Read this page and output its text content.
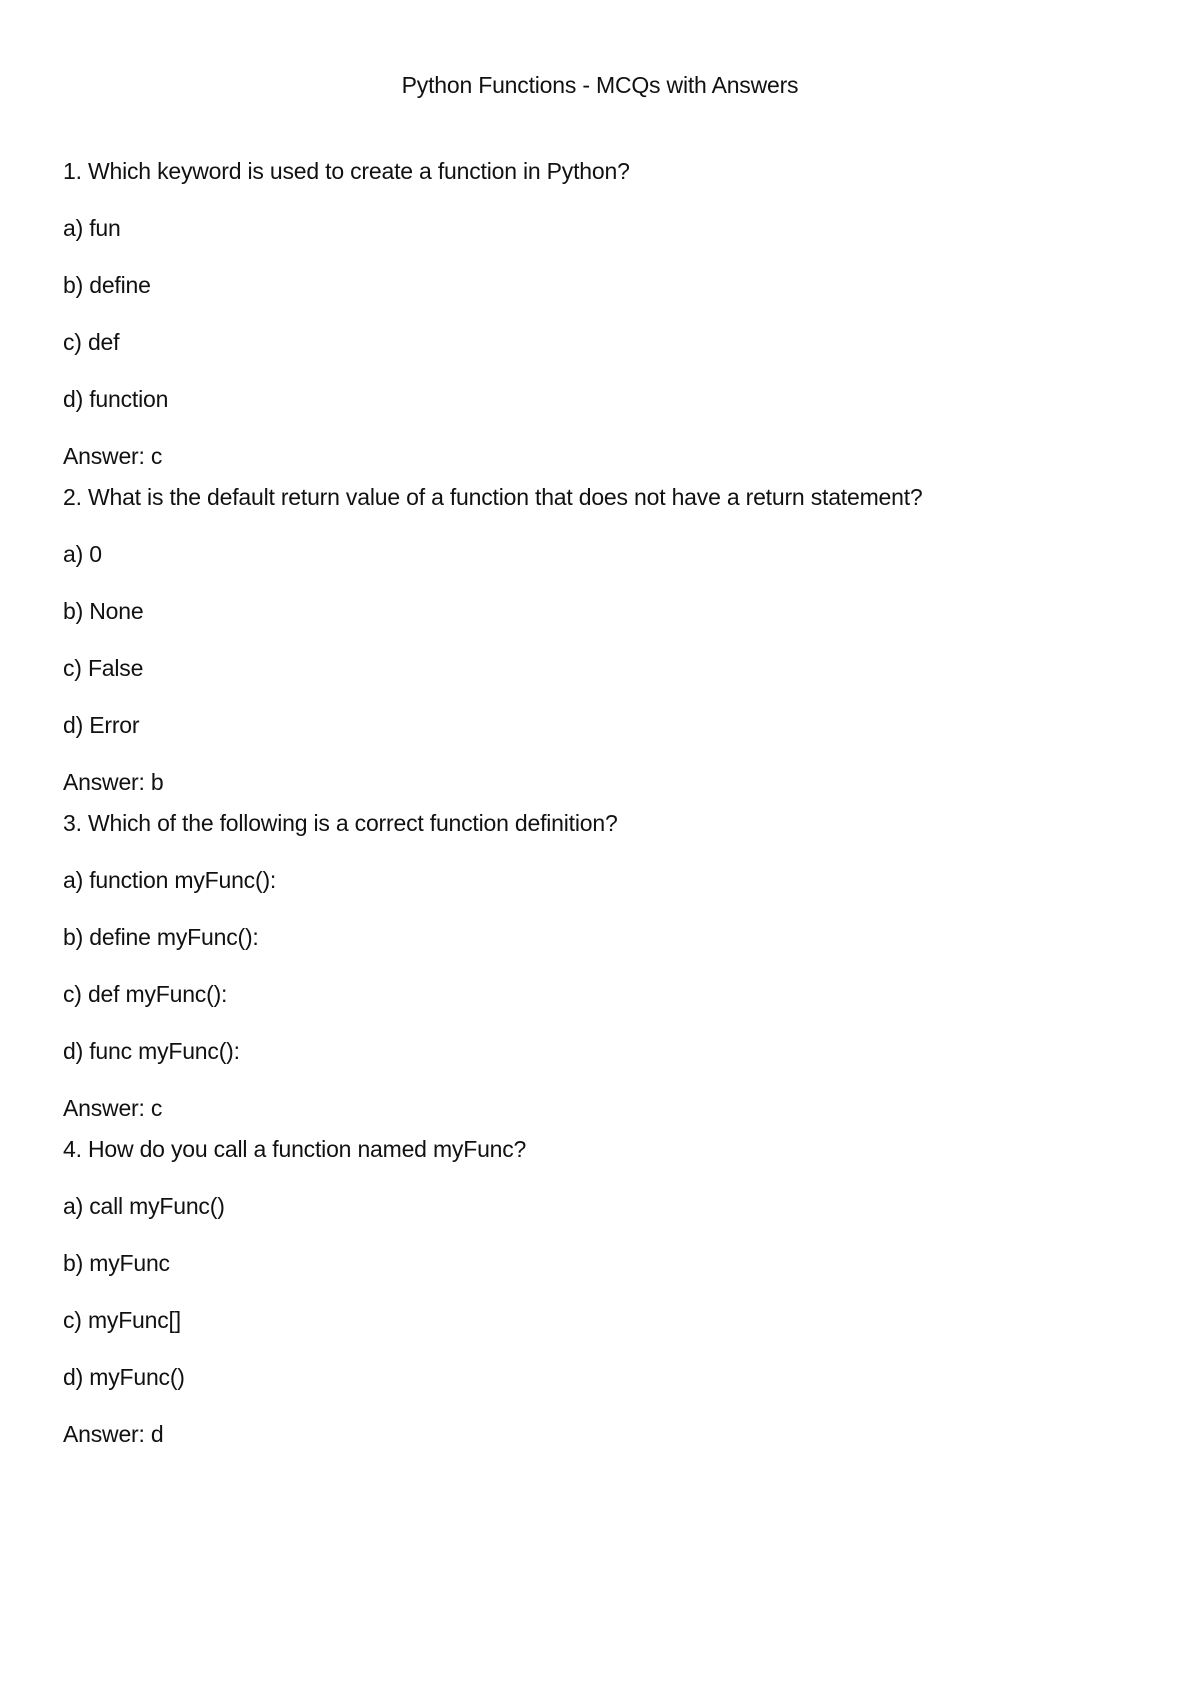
Python Functions - MCQs with Answers
1. Which keyword is used to create a function in Python?
a) fun
b) define
c) def
d) function
Answer: c
2. What is the default return value of a function that does not have a return statement?
a) 0
b) None
c) False
d) Error
Answer: b
3. Which of the following is a correct function definition?
a) function myFunc():
b) define myFunc():
c) def myFunc():
d) func myFunc():
Answer: c
4. How do you call a function named myFunc?
a) call myFunc()
b) myFunc
c) myFunc[]
d) myFunc()
Answer: d
